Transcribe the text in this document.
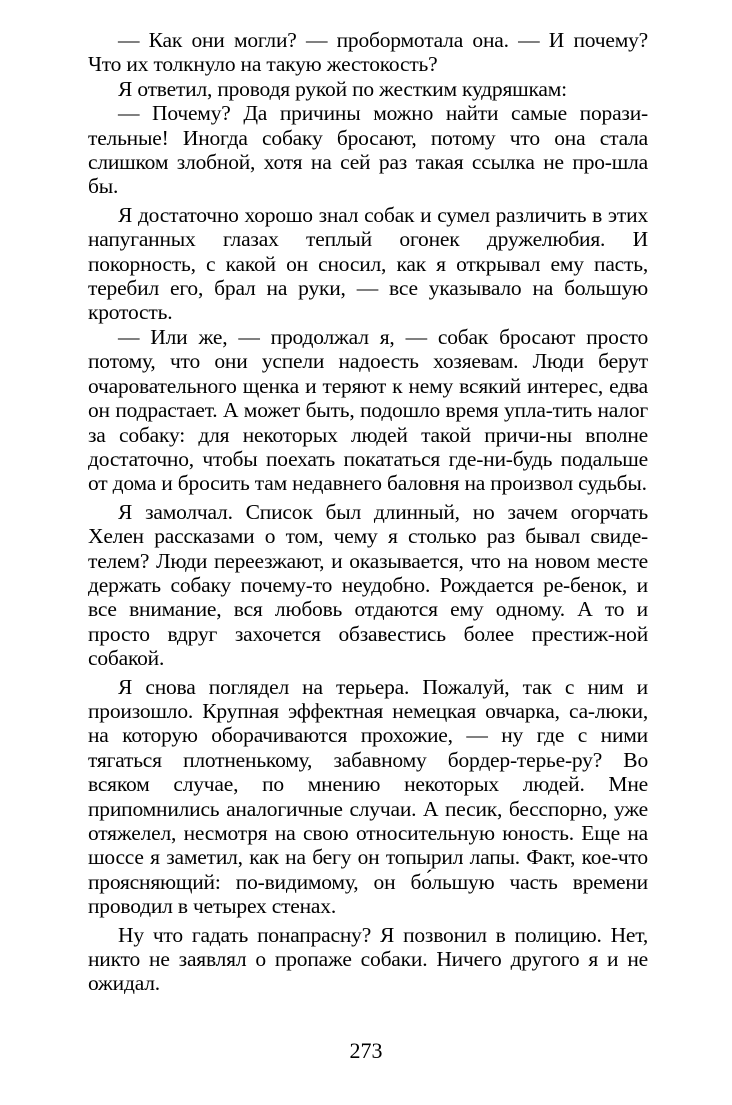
— Как они могли? — пробормотала она. — И почему? Что их толкнуло на такую жестокость?

Я ответил, проводя рукой по жестким кудряшкам:

— Почему? Да причины можно найти самые порази-тельные! Иногда собаку бросают, потому что она стала слишком злобной, хотя на сей раз такая ссылка не про-шла бы.

Я достаточно хорошо знал собак и сумел различить в этих напуганных глазах теплый огонек дружелюбия. И покорность, с какой он сносил, как я открывал ему пасть, теребил его, брал на руки, — все указывало на большую кротость.

— Или же, — продолжал я, — собак бросают просто потому, что они успели надоесть хозяевам. Люди берут очаровательного щенка и теряют к нему всякий интерес, едва он подрастает. А может быть, подошло время упла-тить налог за собаку: для некоторых людей такой причи-ны вполне достаточно, чтобы поехать покататься где-ни-будь подальше от дома и бросить там недавнего баловня на произвол судьбы.

Я замолчал. Список был длинный, но зачем огорчать Хелен рассказами о том, чему я столько раз бывал свиде-телем? Люди переезжают, и оказывается, что на новом месте держать собаку почему-то неудобно. Рождается ре-бенок, и все внимание, вся любовь отдаются ему одному. А то и просто вдруг захочется обзавестись более престиж-ной собакой.

Я снова поглядел на терьера. Пожалуй, так с ним и произошло. Крупная эффектная немецкая овчарка, са-люки, на которую оборачиваются прохожие, — ну где с ними тягаться плотненькому, забавному бордер-терье-ру? Во всяком случае, по мнению некоторых людей. Мне припомнились аналогичные случаи. А песик, бесспорно, уже отяжелел, несмотря на свою относительную юность. Еще на шоссе я заметил, как на бегу он топырил лапы. Факт, кое-что проясняющий: по-видимому, он бо́льшую часть времени проводил в четырех стенах.

Ну что гадать понапрасну? Я позвонил в полицию. Нет, никто не заявлял о пропаже собаки. Ничего другого я и не ожидал.

273
